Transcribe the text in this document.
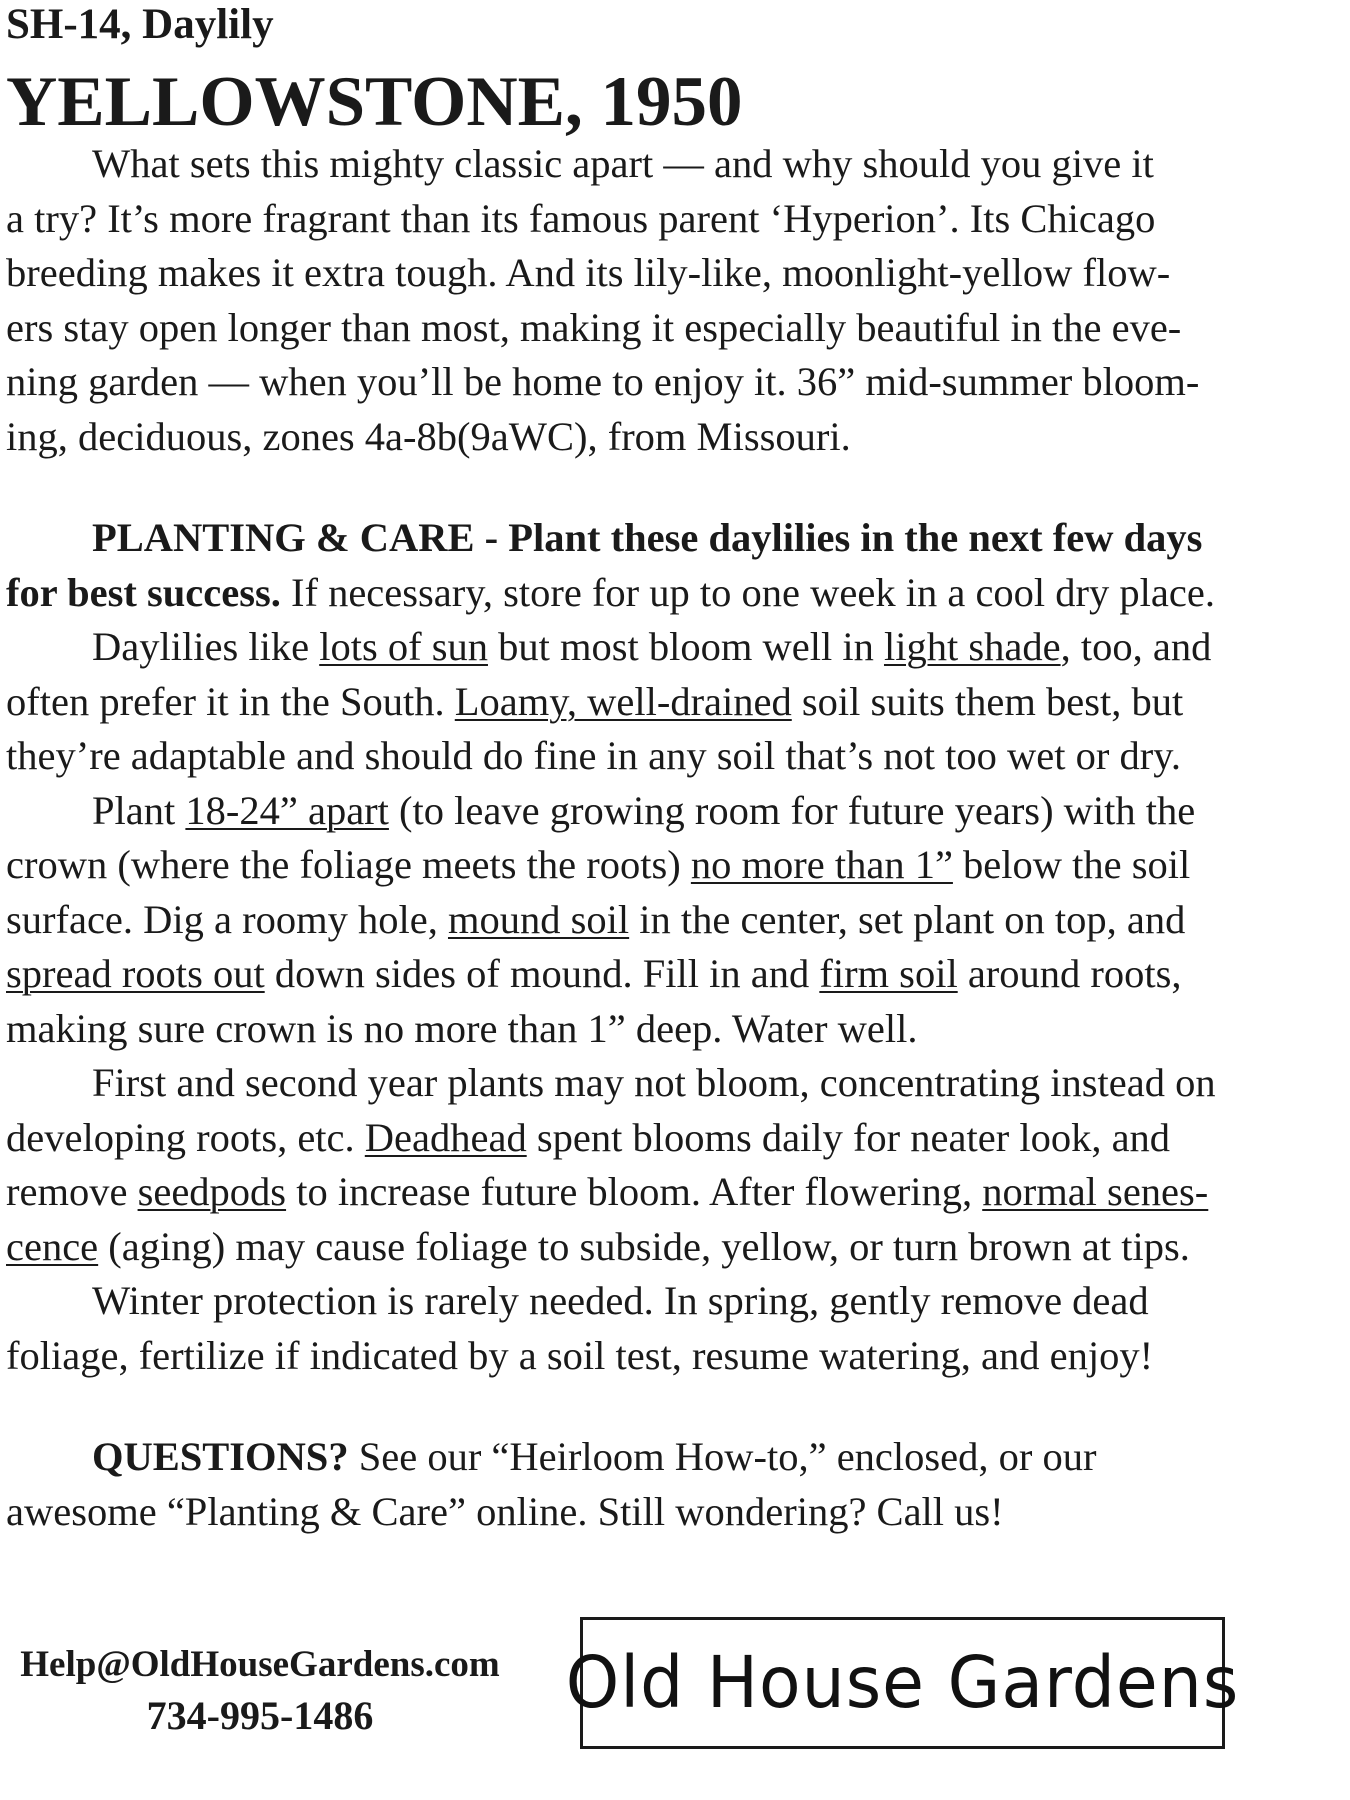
SH-14, Daylily
YELLOWSTONE, 1950

What sets this mighty classic apart — and why should you give it
a try? It’s more fragrant than its famous parent ‘Hyperion’. Its Chicago
breeding makes it extra tough. And its lily-like, moonlight-yellow flow-
ers stay open longer than most, making it especially beautiful in the eve-
ning garden — when you’ll be home to enjoy it. 36” mid-summer bloom-
ing, deciduous, zones 4a-8b(9aWC), from Missouri.

PLANTING & CARE - Plant these daylilies in the next few days
for best success. If necessary, store for up to one week in a cool dry place.

Daylilies like lots of sun but most bloom well in light shade, too, and
often prefer it in the South. Loamy, well-drained soil suits them best, but
they’re adaptable and should do fine in any soil that’s not too wet or dry.

Plant 18-24” apart (to leave growing room for future years) with the
crown (where the foliage meets the roots) no more than 1” below the soil
surface. Dig a roomy hole, mound soil in the center, set plant on top, and
spread roots out down sides of mound. Fill in and firm soil around roots,
making sure crown is no more than 1” deep. Water well.

First and second year plants may not bloom, concentrating instead on
developing roots, etc. Deadhead spent blooms daily for neater look, and
remove seedpods to increase future bloom. After flowering, normal senes-
cence (aging) may cause foliage to subside, yellow, or turn brown at tips.

Winter protection is rarely needed. In spring, gently remove dead
foliage, fertilize if indicated by a soil test, resume watering, and enjoy!

QUESTIONS? See our “Heirloom How-to,” enclosed, or our
awesome “Planting & Care” online. Still wondering? Call us!

Help@OldHouseGardens.com
734-995-1486	Old House Gardens
